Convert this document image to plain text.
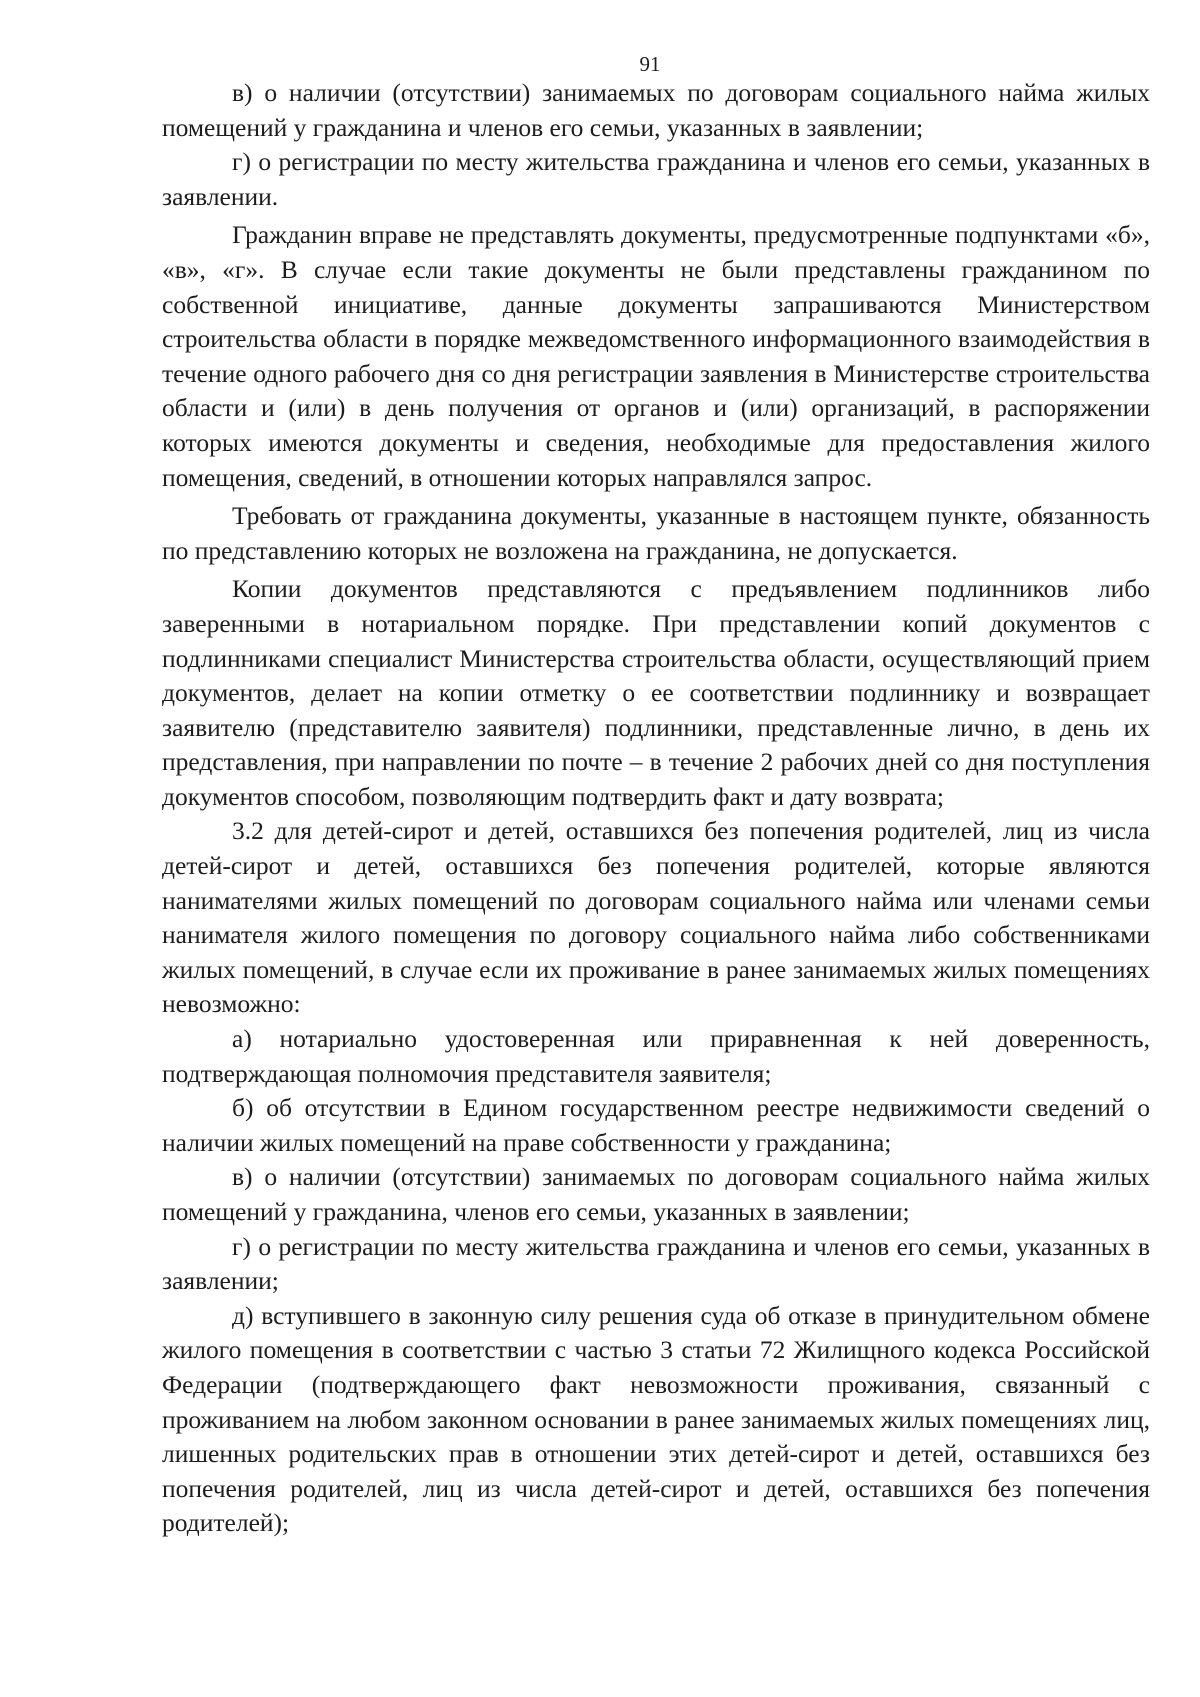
91

в) о наличии (отсутствии) занимаемых по договорам социального найма жилых помещений у гражданина и членов его семьи, указанных в заявлении;

г) о регистрации по месту жительства гражданина и членов его семьи, указанных в заявлении.

Гражданин вправе не представлять документы, предусмотренные подпунктами «б», «в», «г». В случае если такие документы не были представлены гражданином по собственной инициативе, данные документы запрашиваются Министерством строительства области в порядке межведомственного информационного взаимодействия в течение одного рабочего дня со дня регистрации заявления в Министерстве строительства области и (или) в день получения от органов и (или) организаций, в распоряжении которых имеются документы и сведения, необходимые для предоставления жилого помещения, сведений, в отношении которых направлялся запрос.

Требовать от гражданина документы, указанные в настоящем пункте, обязанность по представлению которых не возложена на гражданина, не допускается.

Копии документов представляются с предъявлением подлинников либо заверенными в нотариальном порядке. При представлении копий документов с подлинниками специалист Министерства строительства области, осуществляющий прием документов, делает на копии отметку о ее соответствии подлиннику и возвращает заявителю (представителю заявителя) подлинники, представленные лично, в день их представления, при направлении по почте – в течение 2 рабочих дней со дня поступления документов способом, позволяющим подтвердить факт и дату возврата;

3.2 для детей-сирот и детей, оставшихся без попечения родителей, лиц из числа детей-сирот и детей, оставшихся без попечения родителей, которые являются нанимателями жилых помещений по договорам социального найма или членами семьи нанимателя жилого помещения по договору социального найма либо собственниками жилых помещений, в случае если их проживание в ранее занимаемых жилых помещениях невозможно:

а) нотариально удостоверенная или приравненная к ней доверенность, подтверждающая полномочия представителя заявителя;

б) об отсутствии в Едином государственном реестре недвижимости сведений о наличии жилых помещений на праве собственности у гражданина;

в) о наличии (отсутствии) занимаемых по договорам социального найма жилых помещений у гражданина, членов его семьи, указанных в заявлении;

г) о регистрации по месту жительства гражданина и членов его семьи, указанных в заявлении;

д) вступившего в законную силу решения суда об отказе в принудительном обмене жилого помещения в соответствии с частью 3 статьи 72 Жилищного кодекса Российской Федерации (подтверждающего факт невозможности проживания, связанный с проживанием на любом законном основании в ранее занимаемых жилых помещениях лиц, лишенных родительских прав в отношении этих детей-сирот и детей, оставшихся без попечения родителей, лиц из числа детей-сирот и детей, оставшихся без попечения родителей);
